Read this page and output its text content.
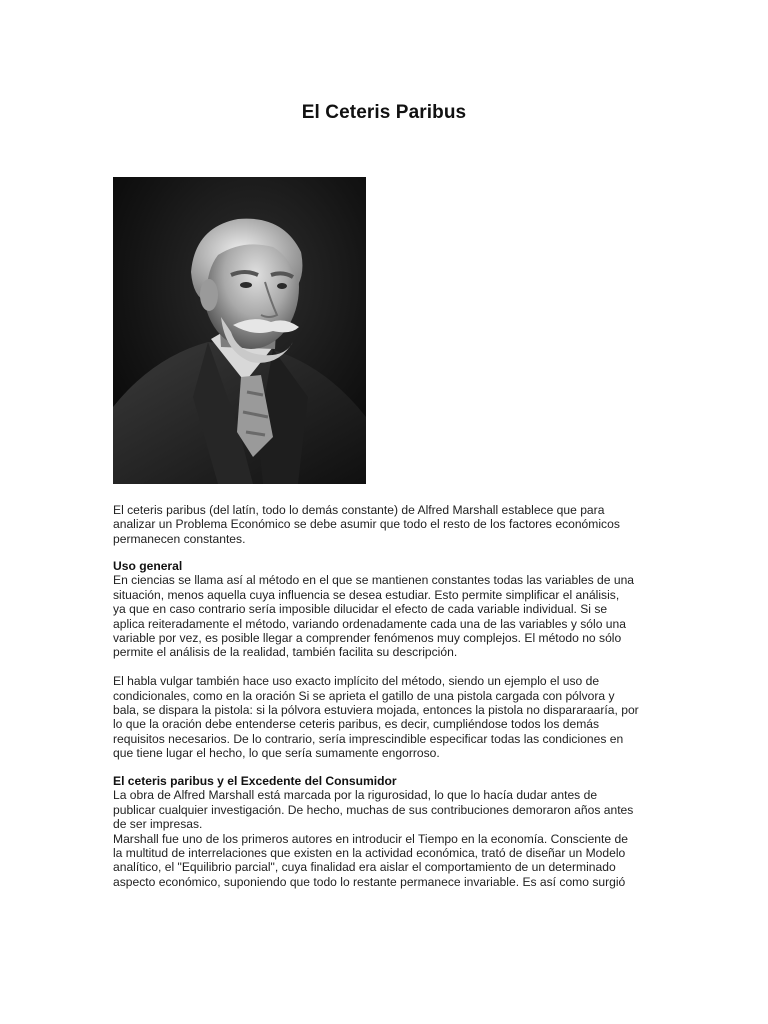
El Ceteris Paribus

El ceteris paribus (del latín, todo lo demás constante) de Alfred Marshall establece que para

analizar un Problema Económico se debe asumir que todo el resto de los factores económicos

permanecen constantes.

Uso general

En ciencias se llama así al método en el que se mantienen constantes todas las variables de una

situación, menos aquella cuya influencia se desea estudiar. Esto permite simplificar el análisis,

ya que en caso contrario sería imposible dilucidar el efecto de cada variable individual. Si se

aplica reiteradamente el método, variando ordenadamente cada una de las variables y sólo una

variable por vez, es posible llegar a comprender fenómenos muy complejos. El método no sólo

permite el análisis de la realidad, también facilita su descripción.

El habla vulgar también hace uso exacto implícito del método, siendo un ejemplo el uso de

condicionales, como en la oración Si se aprieta el gatillo de una pistola cargada con pólvora y

bala, se dispara la pistola: si la pólvora estuviera mojada, entonces la pistola no dispararaaría, por

lo que la oración debe entenderse ceteris paribus, es decir, cumpliéndose todos los demás

requisitos necesarios. De lo contrario, sería imprescindible especificar todas las condiciones en

que tiene lugar el hecho, lo que sería sumamente engorroso.

El ceteris paribus y el Excedente del Consumidor

La obra de Alfred Marshall está marcada por la rigurosidad, lo que lo hacía dudar antes de

publicar cualquier investigación. De hecho, muchas de sus contribuciones demoraron años antes

de ser impresas.

Marshall fue uno de los primeros autores en introducir el Tiempo en la economía. Consciente de

la multitud de interrelaciones que existen en la actividad económica, trató de diseñar un Modelo

analítico, el "Equilibrio parcial", cuya finalidad era aislar el comportamiento de un determinado

aspecto económico, suponiendo que todo lo restante permanece invariable. Es así como surgió
